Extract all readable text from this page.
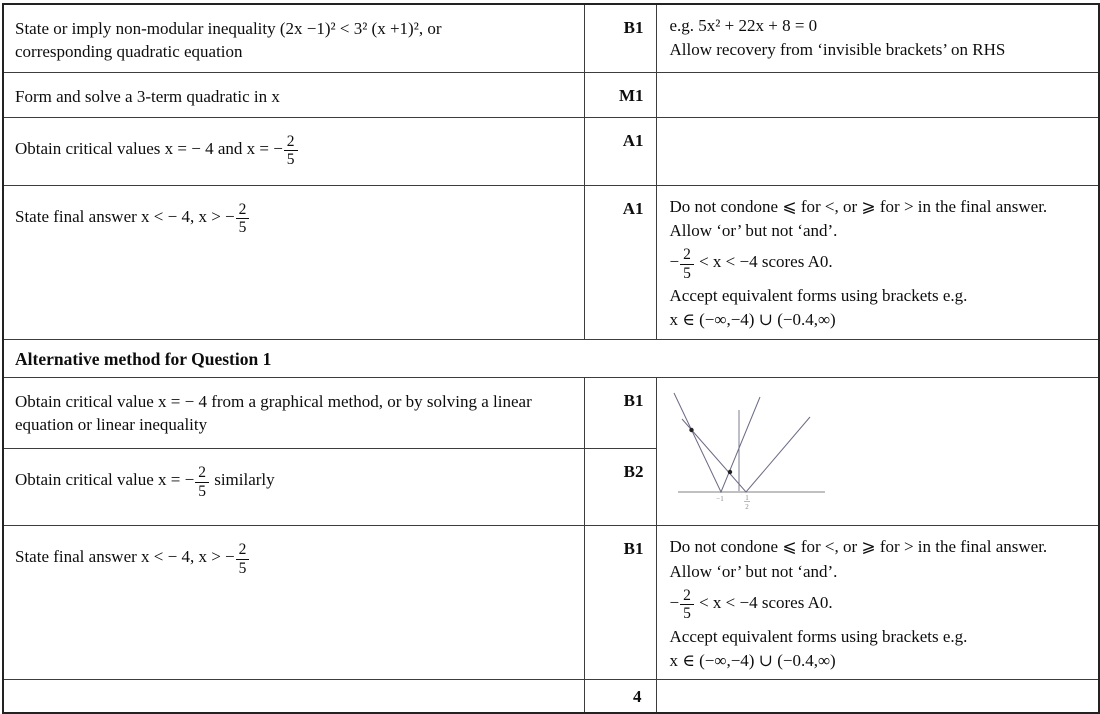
State or imply non-modular inequality (2x −1)² < 3² (x +1)², or
corresponding quadratic equation
	B1	e.g. 5x² + 22x + 8 = 0
Allow recovery from ‘invisible brackets’ on RHS

Form and solve a 3-term quadratic in x	M1	

Obtain critical values x = − 4 and x = − $\frac{2}{5}$	A1	

State final answer x < − 4, x > − $\frac{2}{5}$	A1	Do not condone ⩽ for <, or ⩾ for > in the final answer.
Allow ‘or’ but not ‘and’.
− $\frac{2}{5} < x < -4$ scores A0.
Accept equivalent forms using brackets e.g.
x ∈ (−∞,−4) ∪ (−0.4,∞)

Alternative method for Question 1		

Obtain critical value x = − 4 from a graphical method, or by solving a linear
equation or linear inequality
	B1	
−1	1
2

Obtain critical value x = − $\frac{2}{5}$ similarly	B2	

State final answer x < − 4, x > − $\frac{2}{5}$	B1	Do not condone ⩽ for <, or ⩾ for > in the final answer.
Allow ‘or’ but not ‘and’.
− $\frac{2}{5} < x < -4$ scores A0.
Accept equivalent forms using brackets e.g.
x ∈ (−∞,−4) ∪ (−0.4,∞)

	4	
